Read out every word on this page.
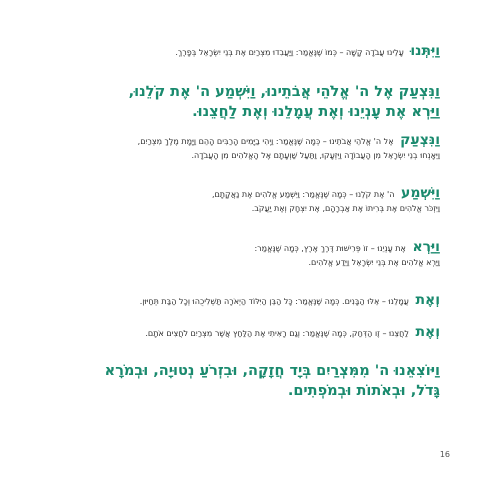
וַיִּתְּנוּ עָלֵינוּ עֲבֹדָה קָשָׁה – כְּמוֹ שֶׁנֶּאֱמַר: וַיַּעֲבִדוּ מִצְרַיִם אֶת בְּנֵי יִשְׂרָאֵל בְּפָרֶךְ.
וַנִּצְעַק אֶל ה' אֱלֹהֵי אֲבֹתֵינוּ, וַיִּשְׁמַע ה' אֶת קֹלֵנוּ,
וַיַּרְא אֶת עָנְיֵנוּ וְאֶת עֲמָלֵנוּ וְאֶת לַחֲצֵנוּ.
וַנִּצְעַק אֶל ה' אֱלֹהֵי אֲבֹתֵינוּ – כְּמָה שֶׁנֶּאֱמַר: וַיְהִי בַיָּמִים הָרַבִּים הָהֵם וַיָּמָת מֶלֶךְ מִצְרַיִם,
וַיֵּאָנְחוּ בְנֵי יִשְׂרָאֵל מִן הָעֲבוֹדָה וַיִּזְעָקוּ, וַתַּעַל שַׁוְעָתָם אֶל הָאֱלֹהִים מִן הָעֲבֹדָה.
וַיִּשְׁמַע ה' אֶת קֹלֵנוּ – כְּמָה שֶׁנֶּאֱמַר: וַיִּשְׁמַע אֱלֹהִים אֶת נַאֲקָתָם,
וַיִּזְכֹּר אֱלֹהִים אֶת בְּרִיתוֹ אֶת אַבְרָהָם, אֶת יִצְחָק וְאֶת יַעֲקֹב.
וַיַּרְא אֶת עָנְיֵנוּ – זוֹ פְּרִישׁוּת דֶּרֶךְ אֶרֶץ, כְּמָה שֶׁנֶּאֱמַר:
וַיַּרְא אֱלֹהִים אֶת בְּנֵי יִשְׂרָאֵל וַיֵּדַע אֱלֹהִים.
וְאֶת עֲמָלֵנוּ – אֵלּוּ הַבָּנִים. כְּמָה שֶׁנֶּאֱמַר: כָּל הַבֵּן הַיִּלּוֹד הַיְאֹרָה תַּשְׁלִיכֻהוּ וְכָל הַבַּת תְּחַיּוּן.
וְאֶת לַחֲצֵנוּ – זֶו הַדְּחַק, כְּמָה שֶׁנֶּאֱמַר: וְגַם רָאִיתִי אֶת הַלַּחַץ אֲשֶׁר מִצְרַיִם לֹחֲצִים אֹתָם.
וַיּוֹצִאֵנוּ ה' מִמִּצְרַיִם בְּיָד חֲזָקָה, וּבִזְרֹעַ נְטוּיָה, וּבְמֹרָא
גָּדֹל, וּבְאֹתוֹת וּבְמֹפְתִים.
16
